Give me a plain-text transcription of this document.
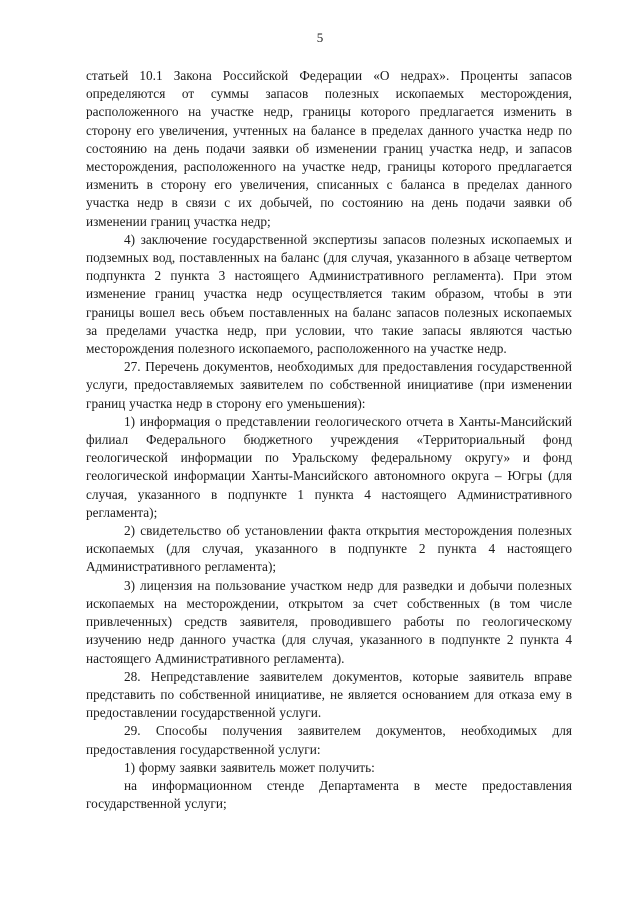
5

статьей 10.1 Закона Российской Федерации «О недрах». Проценты запасов определяются от суммы запасов полезных ископаемых месторождения, расположенного на участке недр, границы которого предлагается изменить в сторону его увеличения, учтенных на балансе в пределах данного участка недр по состоянию на день подачи заявки об изменении границ участка недр, и запасов месторождения, расположенного на участке недр, границы которого предлагается изменить в сторону его увеличения, списанных с баланса в пределах данного участка недр в связи с их добычей, по состоянию на день подачи заявки об изменении границ участка недр;

4) заключение государственной экспертизы запасов полезных ископаемых и подземных вод, поставленных на баланс (для случая, указанного в абзаце четвертом подпункта 2 пункта 3 настоящего Административного регламента). При этом изменение границ участка недр осуществляется таким образом, чтобы в эти границы вошел весь объем поставленных на баланс запасов полезных ископаемых за пределами участка недр, при условии, что такие запасы являются частью месторождения полезного ископаемого, расположенного на участке недр.

27. Перечень документов, необходимых для предоставления государственной услуги, предоставляемых заявителем по собственной инициативе (при изменении границ участка недр в сторону его уменьшения):

1) информация о представлении геологического отчета в Ханты-Мансийский филиал Федерального бюджетного учреждения «Территориальный фонд геологической информации по Уральскому федеральному округу» и фонд геологической информации Ханты-Мансийского автономного округа – Югры (для случая, указанного в подпункте 1 пункта 4 настоящего Административного регламента);

2) свидетельство об установлении факта открытия месторождения полезных ископаемых (для случая, указанного в подпункте 2 пункта 4 настоящего Административного регламента);

3) лицензия на пользование участком недр для разведки и добычи полезных ископаемых на месторождении, открытом за счет собственных (в том числе привлеченных) средств заявителя, проводившего работы по геологическому изучению недр данного участка (для случая, указанного в подпункте 2 пункта 4 настоящего Административного регламента).

28. Непредставление заявителем документов, которые заявитель вправе представить по собственной инициативе, не является основанием для отказа ему в предоставлении государственной услуги.

29. Способы получения заявителем документов, необходимых для предоставления государственной услуги:

1) форму заявки заявитель может получить:

на информационном стенде Департамента в месте предоставления государственной услуги;
